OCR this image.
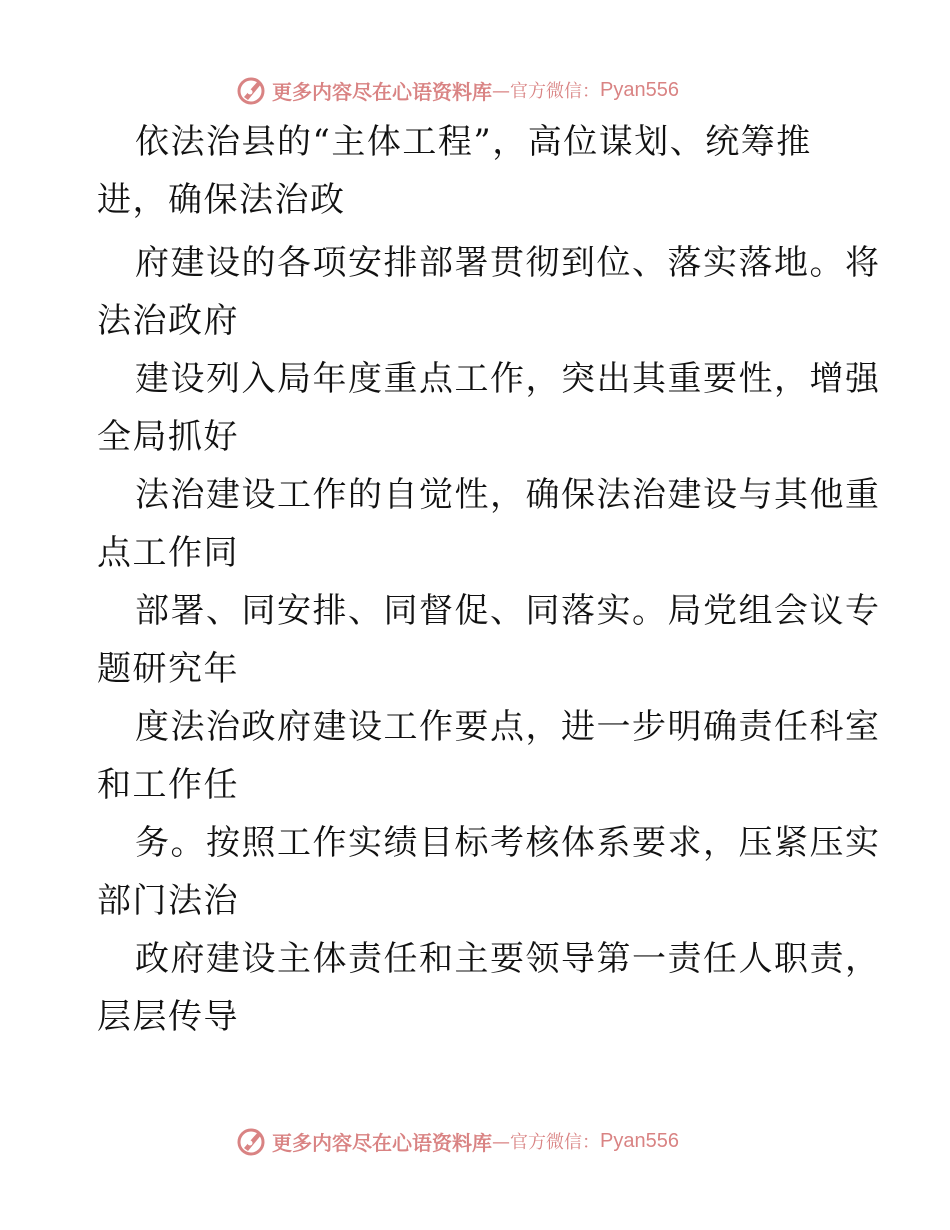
更多内容尽在心语资料库 —官方微信： Pyan556
依法治县的“主体工程”，高位谋划、统筹推
进，确保法治政
府建设的各项安排部署贯彻到位、落实落地。将
法治政府
建设列入局年度重点工作，突出其重要性，增强
全局抓好
法治建设工作的自觉性，确保法治建设与其他重
点工作同
部署、同安排、同督促、同落实。局党组会议专
题研究年
度法治政府建设工作要点，进一步明确责任科室
和工作任
务。按照工作实绩目标考核体系要求，压紧压实
部门法治
政府建设主体责任和主要领导第一责任人职责，
层层传导
更多内容尽在心语资料库 —官方微信： Pyan556
